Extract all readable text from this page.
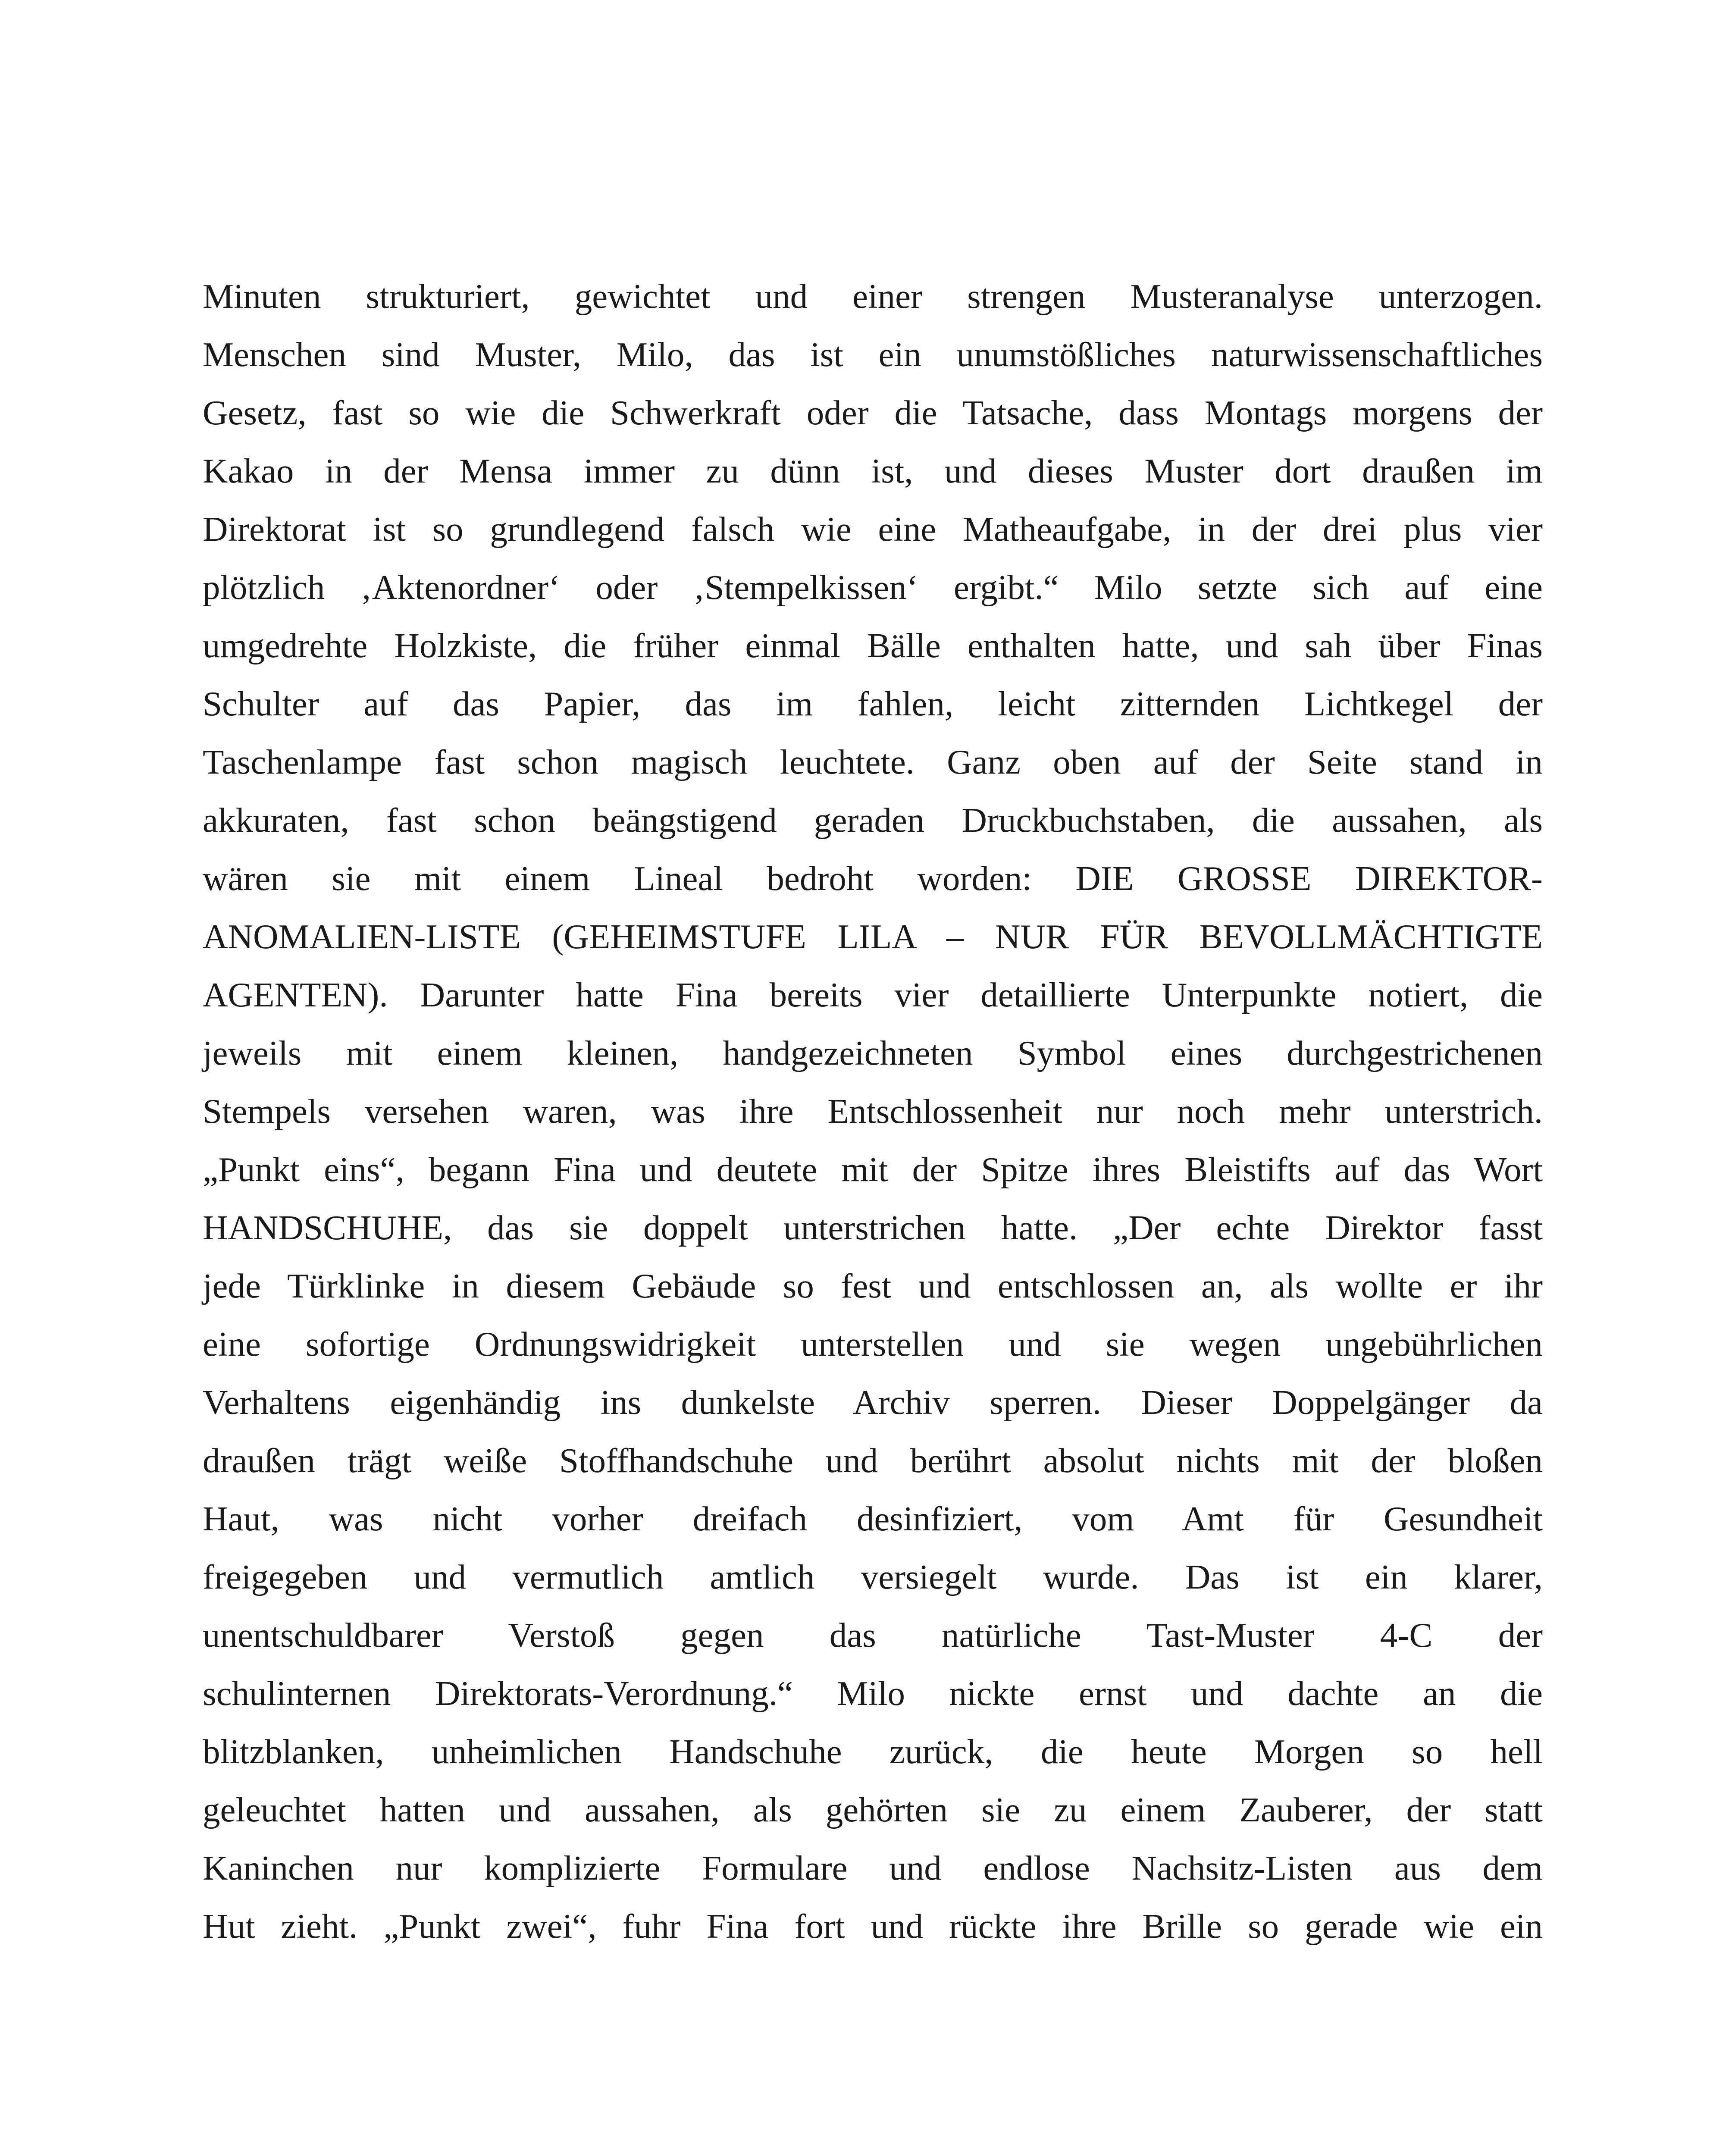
Minuten strukturiert, gewichtet und einer strengen Musteranalyse unterzogen.
Menschen sind Muster, Milo, das ist ein unumstößliches naturwissenschaftliches
Gesetz, fast so wie die Schwerkraft oder die Tatsache, dass Montags morgens der
Kakao in der Mensa immer zu dünn ist, und dieses Muster dort draußen im
Direktorat ist so grundlegend falsch wie eine Matheaufgabe, in der drei plus vier
plötzlich ‚Aktenordner‘ oder ‚Stempelkissen‘ ergibt.“ Milo setzte sich auf eine
umgedrehte Holzkiste, die früher einmal Bälle enthalten hatte, und sah über Finas
Schulter auf das Papier, das im fahlen, leicht zitternden Lichtkegel der
Taschenlampe fast schon magisch leuchtete. Ganz oben auf der Seite stand in
akkuraten, fast schon beängstigend geraden Druckbuchstaben, die aussahen, als
wären sie mit einem Lineal bedroht worden: DIE GROSSE DIREKTOR-
ANOMALIEN-LISTE (GEHEIMSTUFE LILA – NUR FÜR BEVOLLMÄCHTIGTE
AGENTEN). Darunter hatte Fina bereits vier detaillierte Unterpunkte notiert, die
jeweils mit einem kleinen, handgezeichneten Symbol eines durchgestrichenen
Stempels versehen waren, was ihre Entschlossenheit nur noch mehr unterstrich.
„Punkt eins“, begann Fina und deutete mit der Spitze ihres Bleistifts auf das Wort
HANDSCHUHE, das sie doppelt unterstrichen hatte. „Der echte Direktor fasst
jede Türklinke in diesem Gebäude so fest und entschlossen an, als wollte er ihr
eine sofortige Ordnungswidrigkeit unterstellen und sie wegen ungebührlichen
Verhaltens eigenhändig ins dunkelste Archiv sperren. Dieser Doppelgänger da
draußen trägt weiße Stoffhandschuhe und berührt absolut nichts mit der bloßen
Haut, was nicht vorher dreifach desinfiziert, vom Amt für Gesundheit
freigegeben und vermutlich amtlich versiegelt wurde. Das ist ein klarer,
unentschuldbarer Verstoß gegen das natürliche Tast-Muster 4-C der
schulinternen Direktorats-Verordnung.“ Milo nickte ernst und dachte an die
blitzblanken, unheimlichen Handschuhe zurück, die heute Morgen so hell
geleuchtet hatten und aussahen, als gehörten sie zu einem Zauberer, der statt
Kaninchen nur komplizierte Formulare und endlose Nachsitz-Listen aus dem
Hut zieht. „Punkt zwei“, fuhr Fina fort und rückte ihre Brille so gerade wie ein
